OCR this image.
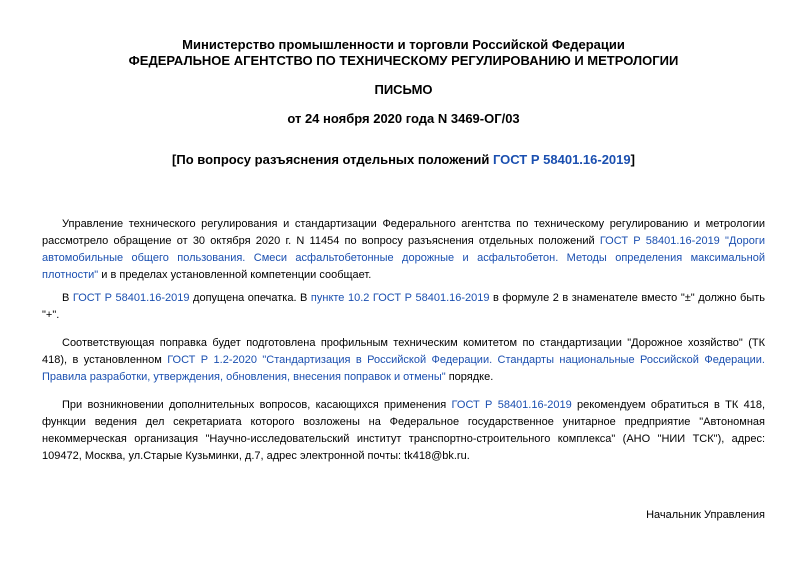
Министерство промышленности и торговли Российской Федерации
ФЕДЕРАЛЬНОЕ АГЕНТСТВО ПО ТЕХНИЧЕСКОМУ РЕГУЛИРОВАНИЮ И МЕТРОЛОГИИ
ПИСЬМО
от 24 ноября 2020 года N 3469-ОГ/03
[По вопросу разъяснения отдельных положений ГОСТ Р 58401.16-2019]
Управление технического регулирования и стандартизации Федерального агентства по техническому регулированию и метрологии рассмотрело обращение от 30 октября 2020 г. N 11454 по вопросу разъяснения отдельных положений ГОСТ Р 58401.16-2019 "Дороги автомобильные общего пользования. Смеси асфальтобетонные дорожные и асфальтобетон. Методы определения максимальной плотности" и в пределах установленной компетенции сообщает.
В ГОСТ Р 58401.16-2019 допущена опечатка. В пункте 10.2 ГОСТ Р 58401.16-2019 в формуле 2 в знаменателе вместо "±" должно быть "+".
Соответствующая поправка будет подготовлена профильным техническим комитетом по стандартизации "Дорожное хозяйство" (ТК 418), в установленном ГОСТ Р 1.2-2020 "Стандартизация в Российской Федерации. Стандарты национальные Российской Федерации. Правила разработки, утверждения, обновления, внесения поправок и отмены" порядке.
При возникновении дополнительных вопросов, касающихся применения ГОСТ Р 58401.16-2019 рекомендуем обратиться в ТК 418, функции ведения дел секретариата которого возложены на Федеральное государственное унитарное предприятие "Автономная некоммерческая организация "Научно-исследовательский институт транспортно-строительного комплекса" (АНО "НИИ ТСК"), адрес: 109472, Москва, ул.Старые Кузьминки, д.7, адрес электронной почты: tk418@bk.ru.
Начальник Управления
